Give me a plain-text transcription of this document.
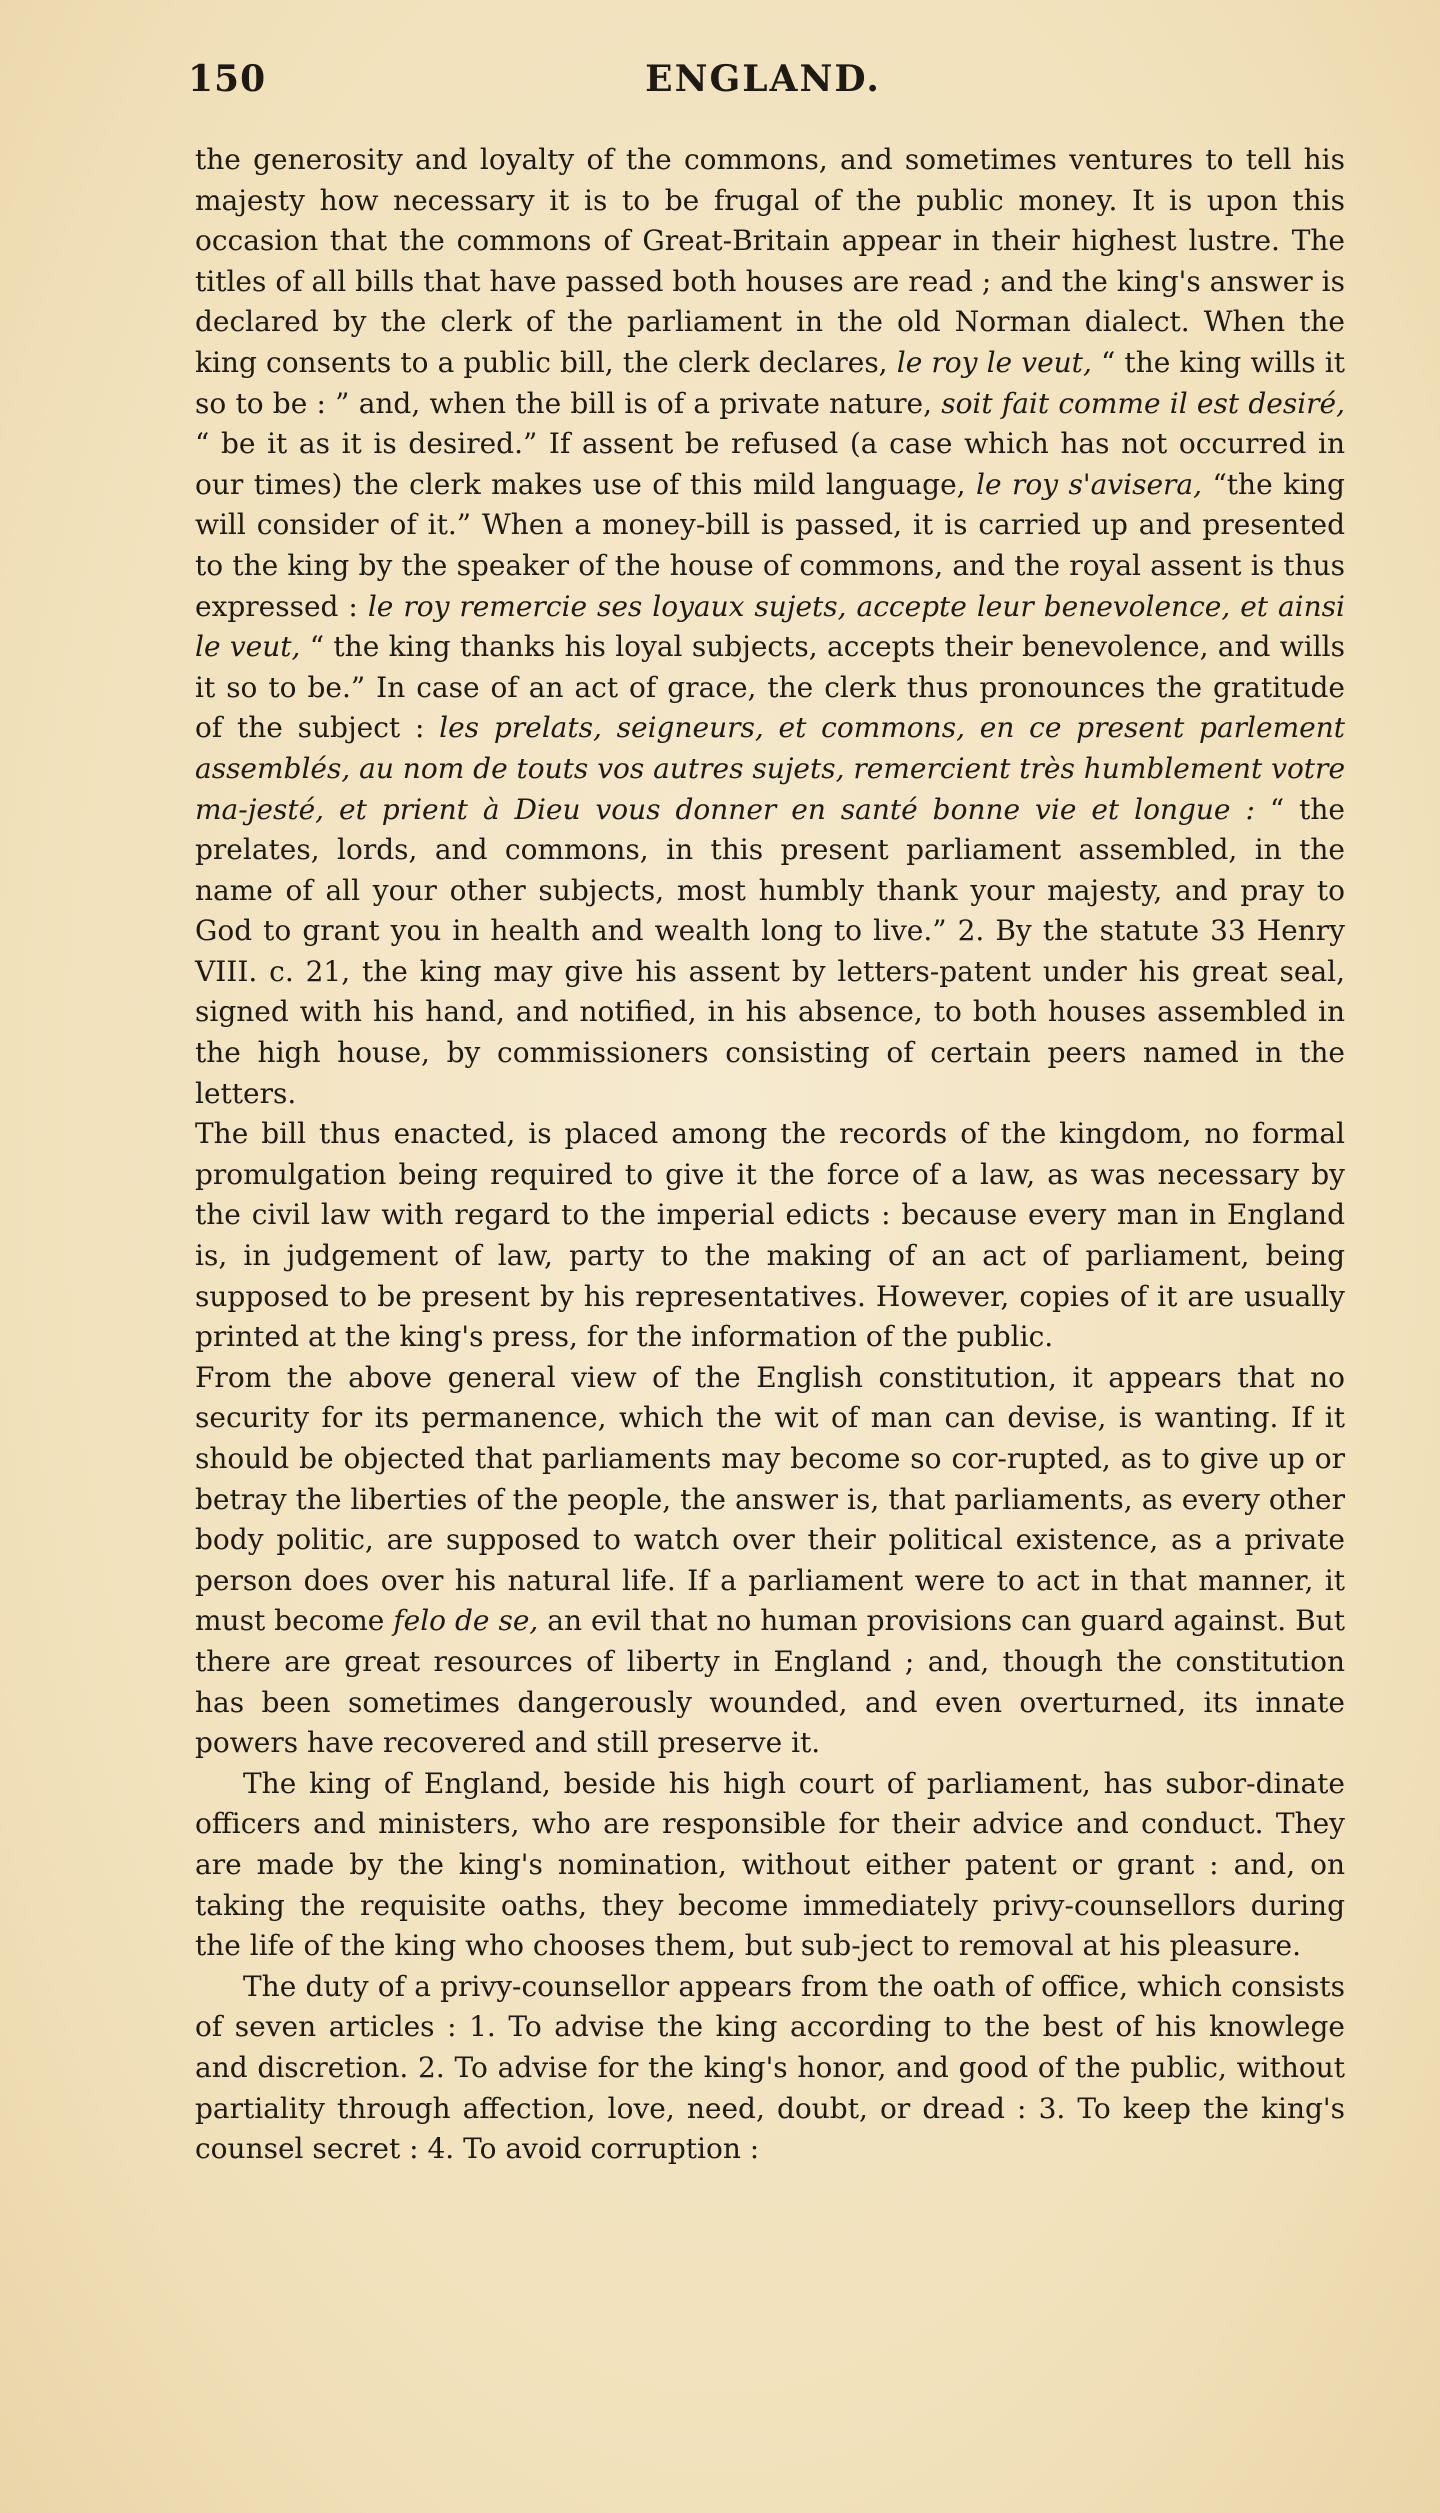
150	ENGLAND.

the generosity and loyalty of the commons, and sometimes ventures to tell his majesty how necessary it is to be frugal of the public money. It is upon this occasion that the commons of Great-Britain appear in their highest lustre. The titles of all bills that have passed both houses are read ; and the king's answer is declared by the clerk of the parliament in the old Norman dialect. When the king consents to a public bill, the clerk declares, le roy le veut, “ the king wills it so to be : ” and, when the bill is of a private nature, soit fait comme il est desiré, “ be it as it is desired.” If assent be refused (a case which has not occurred in our times) the clerk makes use of this mild language, le roy s'avisera, “the king will consider of it.” When a money-bill is passed, it is carried up and presented to the king by the speaker of the house of commons, and the royal assent is thus expressed : le roy remercie ses loyaux sujets, accepte leur benevolence, et ainsi le veut, “ the king thanks his loyal subjects, accepts their benevolence, and wills it so to be.” In case of an act of grace, the clerk thus pronounces the gratitude of the subject : les prelats, seigneurs, et commons, en ce present parlement assemblés, au nom de touts vos autres sujets, remercient très humblement votre ma-jesté, et prient à Dieu vous donner en santé bonne vie et longue : “ the prelates, lords, and commons, in this present parliament assembled, in the name of all your other subjects, most humbly thank your majesty, and pray to God to grant you in health and wealth long to live.” 2. By the statute 33 Henry VIII. c. 21, the king may give his assent by letters-patent under his great seal, signed with his hand, and notified, in his absence, to both houses assembled in the high house, by commissioners consisting of certain peers named in the letters.

The bill thus enacted, is placed among the records of the kingdom, no formal promulgation being required to give it the force of a law, as was necessary by the civil law with regard to the imperial edicts : because every man in England is, in judgement of law, party to the making of an act of parliament, being supposed to be present by his representatives. However, copies of it are usually printed at the king's press, for the information of the public.

From the above general view of the English constitution, it appears that no security for its permanence, which the wit of man can devise, is wanting. If it should be objected that parliaments may become so cor-rupted, as to give up or betray the liberties of the people, the answer is, that parliaments, as every other body politic, are supposed to watch over their political existence, as a private person does over his natural life. If a parliament were to act in that manner, it must become felo de se, an evil that no human provisions can guard against. But there are great resources of liberty in England ; and, though the constitution has been sometimes dangerously wounded, and even overturned, its innate powers have recovered and still preserve it.

The king of England, beside his high court of parliament, has subor-dinate officers and ministers, who are responsible for their advice and conduct. They are made by the king's nomination, without either patent or grant : and, on taking the requisite oaths, they become immediately privy-counsellors during the life of the king who chooses them, but sub-ject to removal at his pleasure.

The duty of a privy-counsellor appears from the oath of office, which consists of seven articles : 1. To advise the king according to the best of his knowlege and discretion. 2. To advise for the king's honor, and good of the public, without partiality through affection, love, need, doubt, or dread : 3. To keep the king's counsel secret : 4. To avoid corruption :
